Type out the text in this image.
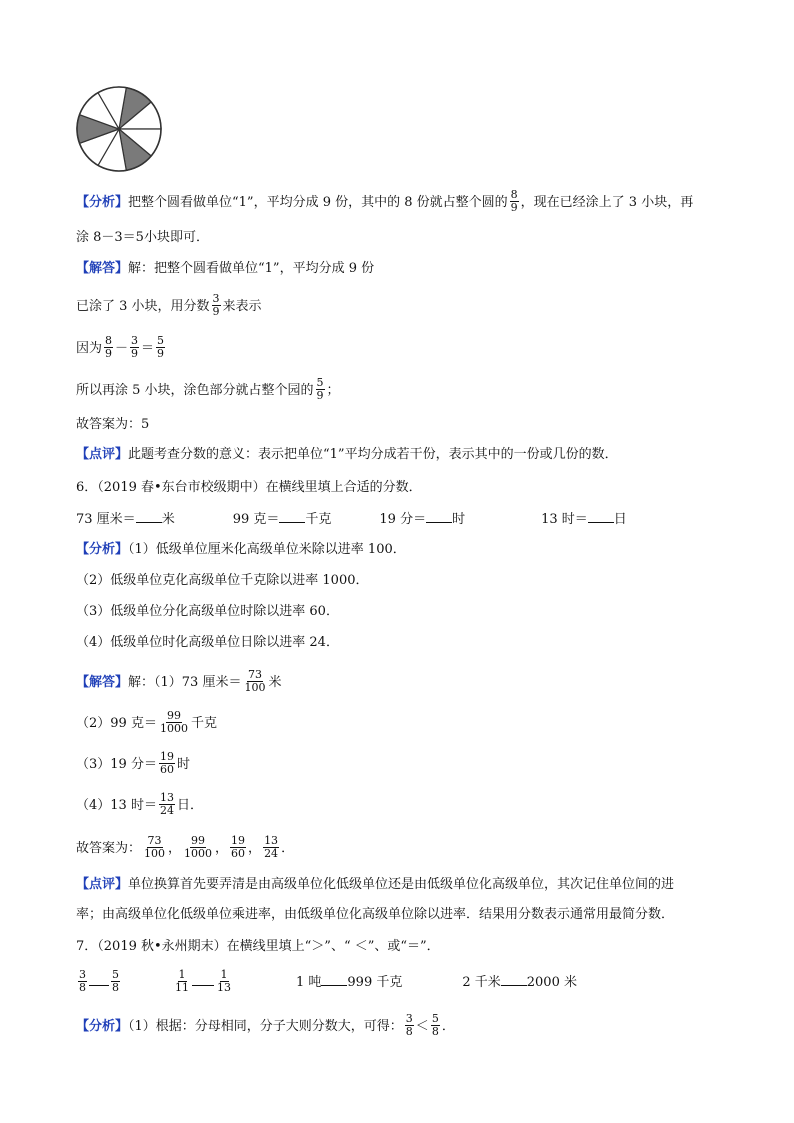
【分析】把整个圆看做单位“1”，平均分成 9 份，其中的 8 份就占整个圆的 $\frac{8}{9}$ ，现在已经涂上了 3 小块，再
涂 8－3＝5小块即可．
【解答】解：把整个圆看做单位“1”，平均分成 9 份
已涂了 3 小块，用分数 $\frac{3}{9}$ 来表示
因为 $\frac{8}{9} - \frac{3}{9} = \frac{5}{9}$
所以再涂 5 小块，涂色部分就占整个园的 $\frac{5}{9}$ ；
故答案为：5
【点评】此题考查分数的意义：表示把单位“1”平均分成若干份，表示其中的一份或几份的数．
6．（2019 春•东台市校级期中）在横线里填上合适的分数．
73 厘米＝ 米	99 克＝ 千克	19 分＝ 时	13 时＝ 日
【分析】（1）低级单位厘米化高级单位米除以进率 100．
（2）低级单位克化高级单位千克除以进率 1000．
（3）低级单位分化高级单位时除以进率 60．
（4）低级单位时化高级单位日除以进率 24．
【解答】解：（1）73 厘米＝ $\frac{73}{100}$ 米
（2）99 克＝ $\frac{99}{1000}$ 千克
（3）19 分＝ $\frac{19}{60}$ 时
（4）13 时＝ $\frac{13}{24}$ 日．
故答案为： $\frac{73}{100}$ ， $\frac{99}{1000}$ ， $\frac{19}{60}$ ， $\frac{13}{24}$ ．
【点评】单位换算首先要弄清是由高级单位化低级单位还是由低级单位化高级单位，其次记住单位间的进
率；由高级单位化低级单位乘进率，由低级单位化高级单位除以进率．结果用分数表示通常用最简分数．
7．（2019 秋•永州期末）在横线里填上“＞”、“ ＜”、或“＝”．
$\frac{3}{8} \frac{5}{8}$	$\frac{1}{11} \frac{1}{13}$	1 吨 999 千克	2 千米 2000 米
【分析】（1）根据：分母相同，分子大则分数大，可得： $\frac{3}{8} < \frac{5}{8}$ ．
